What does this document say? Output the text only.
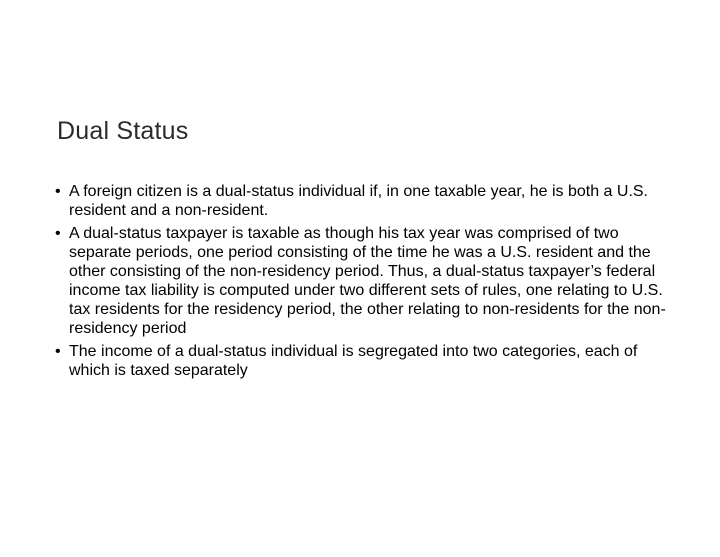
Dual Status
• A foreign citizen is a dual-status individual if, in one taxable year, he is both a U.S. resident and a non-resident.
• A dual-status taxpayer is taxable as though his tax year was comprised of two separate periods, one period consisting of the time he was a U.S. resident and the other consisting of the non-residency period. Thus, a dual-status taxpayer’s federal income tax liability is computed under two different sets of rules, one relating to U.S. tax residents for the residency period, the other relating to non-residents for the non-residency period
• The income of a dual-status individual is segregated into two categories, each of which is taxed separately
